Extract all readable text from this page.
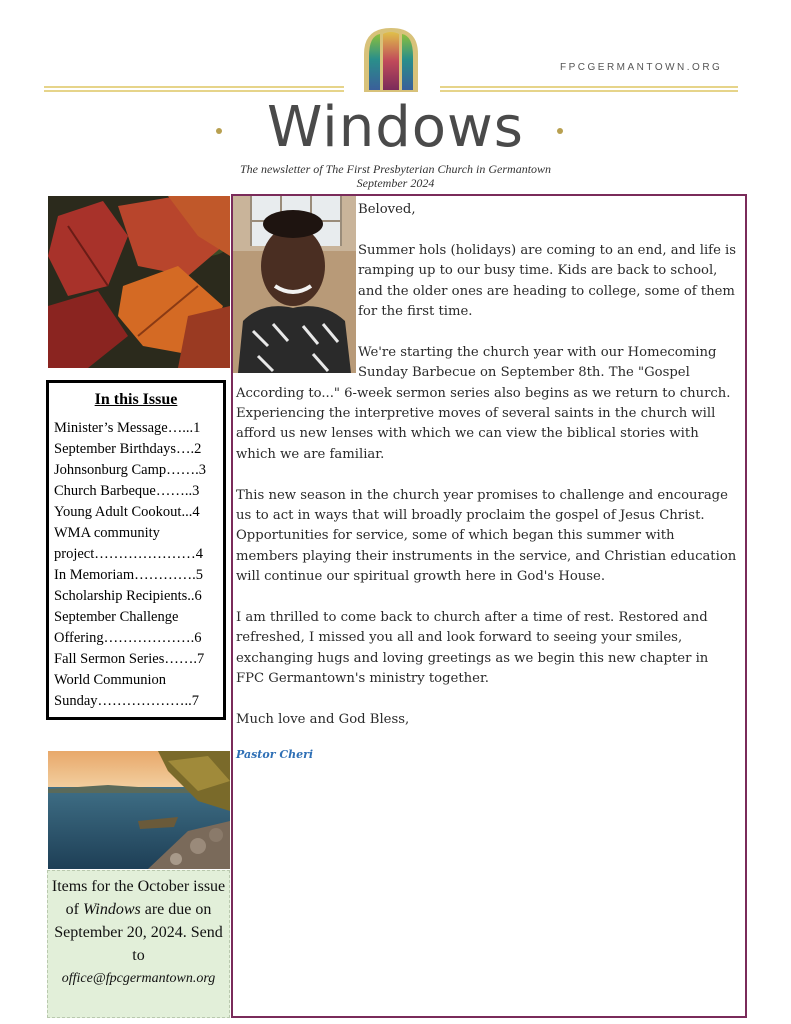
FPCGERMANTOWN.ORG
Windows
The newsletter of The First Presbyterian Church in Germantown
September 2024
In this Issue
Minister’s Message…...1
September Birthdays….2
Johnsonburg Camp…….3
Church Barbeque……..3
Young Adult Cookout...4
WMA community
project…………………4
In Memoriam………….5
Scholarship Recipients..6
September Challenge
Offering……………….6
Fall Sermon Series…….7
World Communion
Sunday………………..7
Items for the October issue of Windows are due on September 20, 2024. Send to
office@fpcgermantown.org

Beloved,

Summer hols (holidays) are coming to an end, and life is ramping up to our busy time. Kids are back to school, and the older ones are heading to college, some of them for the first time.

We're starting the church year with our Homecoming Sunday Barbecue on September 8th. The "Gospel According to..." 6-week sermon series also begins as we return to church. Experiencing the interpretive moves of several saints in the church will afford us new lenses with which we can view the biblical stories with which we are familiar.

This new season in the church year promises to challenge and encourage us to act in ways that will broadly proclaim the gospel of Jesus Christ. Opportunities for service, some of which began this summer with members playing their instruments in the service, and Christian education will continue our spiritual growth here in God's House.

I am thrilled to come back to church after a time of rest. Restored and refreshed, I missed you all and look forward to seeing your smiles, exchanging hugs and loving greetings as we begin this new chapter in FPC Germantown's ministry together.

Much love and God Bless,

Pastor Cheri
